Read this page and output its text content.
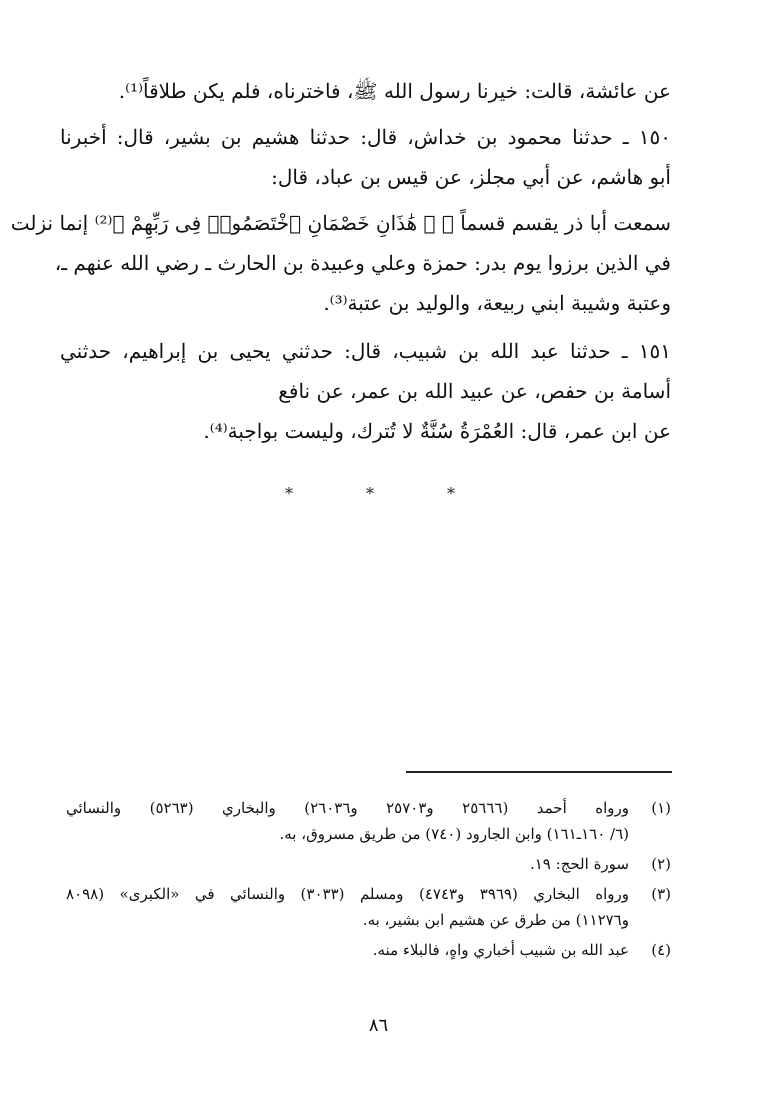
عن عائشة، قالت: خيرنا رسول الله ﷺ، فاخترناه، فلم يكن طلاقاً⁽¹⁾.
١٥٠ ـ حدثنا محمود بن خداش، قال: حدثنا هشيم بن بشير، قال: أخبرنا
أبو هاشم، عن أبي مجلز، عن قيس بن عباد، قال:
سمعت أبا ذر يقسم قسماً ﴿ ۞ هَٰذَانِ خَصْمَانِ ٱخْتَصَمُوا۟ فِى رَبِّهِمْ ﴾⁽²⁾ إنما نزلت
في الذين برزوا يوم بدر: حمزة وعلي وعبيدة بن الحارث ـ رضي الله عنهم ـ،
وعتبة وشيبة ابني ربيعة، والوليد بن عتبة⁽³⁾.
١٥١ ـ حدثنا عبد الله بن شبيب، قال: حدثني يحيى بن إبراهيم، حدثني
أسامة بن حفص، عن عبيد الله بن عمر، عن نافع
عن ابن عمر، قال: العُمْرَةُ سُنَّةٌ لا تُترك، وليست بواجبة⁽⁴⁾.
*	*	*
(١)
ورواه أحمد (٢٥٦٦٦ و٢٥٧٠٣ و٢٦٠٣٦) والبخاري (٥٢٦٣) والنسائي
(٦/ ١٦٠ـ١٦١) وابن الجارود (٧٤٠) من طريق مسروق، به.
(٢)
سورة الحج: ١٩.
(٣)
ورواه البخاري (٣٩٦٩ و٤٧٤٣) ومسلم (٣٠٣٣) والنسائي في «الكبرى» (٨٠٩٨
و١١٢٧٦) من طرق عن هشيم ابن بشير، به.
(٤)
عبد الله بن شبيب أخباري واهٍ، فالبلاء منه.
٨٦
